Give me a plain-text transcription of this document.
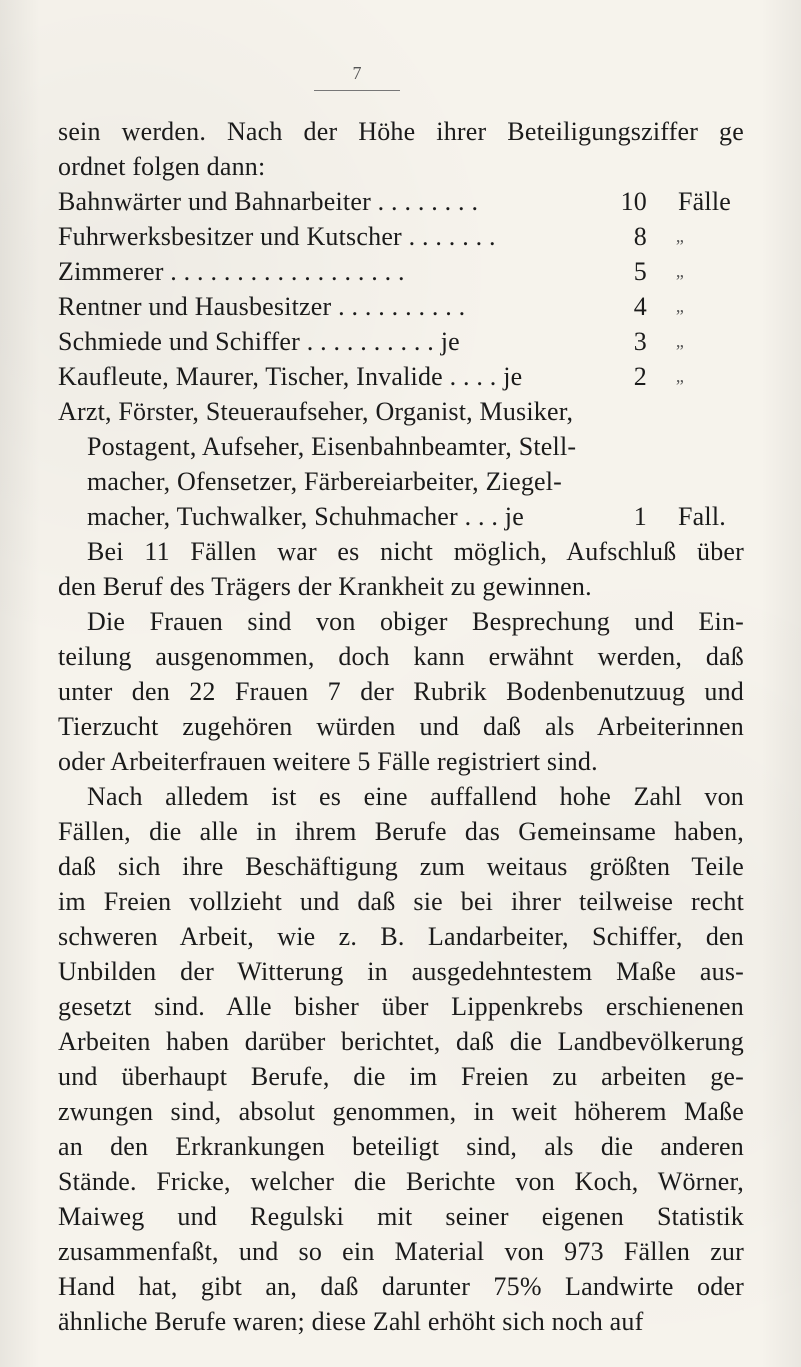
7
sein werden. Nach der Höhe ihrer Beteiligungsziffer ge
ordnet folgen dann:
Bahnwärter und Bahnarbeiter . . . . . . . .	10 Fälle
Fuhrwerksbesitzer und Kutscher . . . . . . .	8 „
Zimmerer . . . . . . . . . . . . . . . . . .	5 „
Rentner und Hausbesitzer . . . . . . . . . .	4 „
Schmiede und Schiffer . . . . . . . . . . je	3 „
Kaufleute, Maurer, Tischer, Invalide . . . . je	2 „
Arzt, Förster, Steueraufseher, Organist, Musiker,
Postagent, Aufseher, Eisenbahnbeamter, Stell-
macher, Ofensetzer, Färbereiarbeiter, Ziegel-
macher, Tuchwalker, Schuhmacher . . . je	1 Fall.
Bei 11 Fällen war es nicht möglich, Aufschluß über
den Beruf des Trägers der Krankheit zu gewinnen.
Die Frauen sind von obiger Besprechung und Ein-
teilung ausgenommen, doch kann erwähnt werden, daß
unter den 22 Frauen 7 der Rubrik Bodenbenutzuug und
Tierzucht zugehören würden und daß als Arbeiterinnen
oder Arbeiterfrauen weitere 5 Fälle registriert sind.
Nach alledem ist es eine auffallend hohe Zahl von
Fällen, die alle in ihrem Berufe das Gemeinsame haben,
daß sich ihre Beschäftigung zum weitaus größten Teile
im Freien vollzieht und daß sie bei ihrer teilweise recht
schweren Arbeit, wie z. B. Landarbeiter, Schiffer, den
Unbilden der Witterung in ausgedehntestem Maße aus-
gesetzt sind. Alle bisher über Lippenkrebs erschienenen
Arbeiten haben darüber berichtet, daß die Landbevölkerung
und überhaupt Berufe, die im Freien zu arbeiten ge-
zwungen sind, absolut genommen, in weit höherem Maße
an den Erkrankungen beteiligt sind, als die anderen
Stände. Fricke, welcher die Berichte von Koch, Wörner,
Maiweg und Regulski mit seiner eigenen Statistik
zusammenfaßt, und so ein Material von 973 Fällen zur
Hand hat, gibt an, daß darunter 75% Landwirte oder
ähnliche Berufe waren; diese Zahl erhöht sich noch auf
